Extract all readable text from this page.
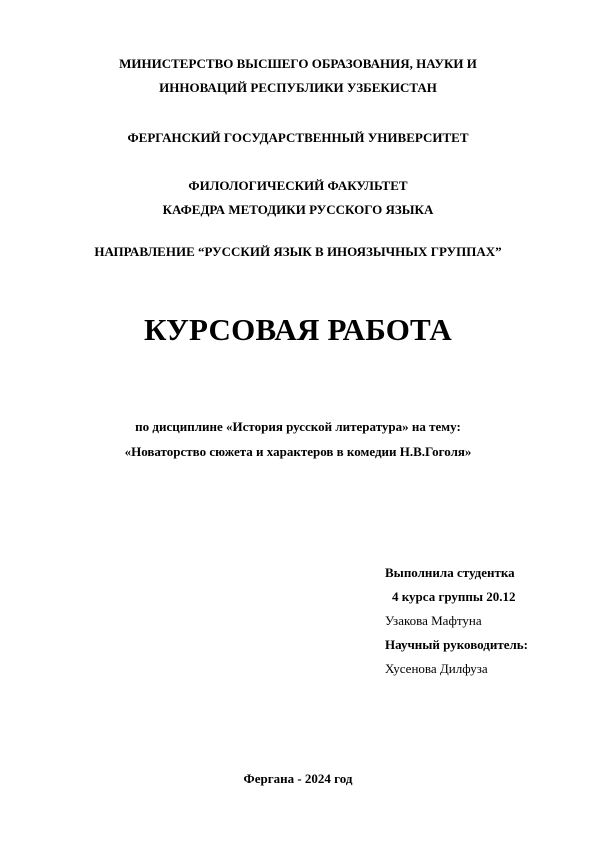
МИНИСТЕРСТВО ВЫСШЕГО ОБРАЗОВАНИЯ, НАУКИ И
ИННОВАЦИЙ РЕСПУБЛИКИ УЗБЕКИСТАН
ФЕРГАНСКИЙ ГОСУДАРСТВЕННЫЙ УНИВЕРСИТЕТ
ФИЛОЛОГИЧЕСКИЙ ФАКУЛЬТЕТ
КАФЕДРА МЕТОДИКИ РУССКОГО ЯЗЫКА
НАПРАВЛЕНИЕ “РУССКИЙ ЯЗЫК В ИНОЯЗЫЧНЫХ ГРУППАХ”
КУРСОВАЯ РАБОТА
по дисциплине «История русской литература» на тему:
«Новаторство сюжета и характеров в комедии Н.В.Гоголя»
Выполнила студентка
4 курса группы 20.12
Узакова Мафтуна
Научный руководитель:
Хусенова Дилфуза
Фергана - 2024 год
